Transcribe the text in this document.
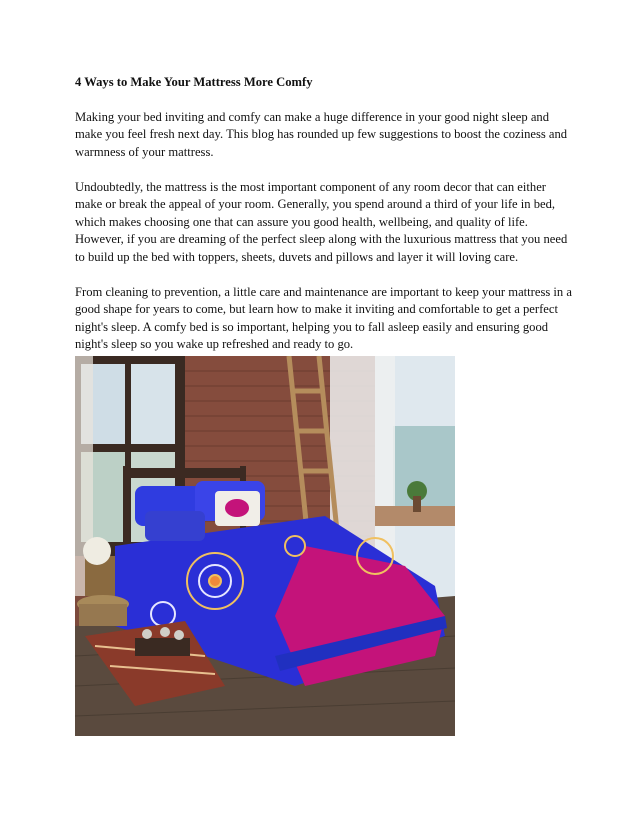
4 Ways to Make Your Mattress More Comfy

Making your bed inviting and comfy can make a huge difference in your good night sleep and make you feel fresh next day. This blog has rounded up few suggestions to boost the coziness and warmness of your mattress.

Undoubtedly, the mattress is the most important component of any room decor that can either make or break the appeal of your room. Generally, you spend around a third of your life in bed, which makes choosing one that can assure you good health, wellbeing, and quality of life. However, if you are dreaming of the perfect sleep along with the luxurious mattress that you need to build up the bed with toppers, sheets, duvets and pillows and layer it will loving care.

From cleaning to prevention, a little care and maintenance are important to keep your mattress in a good shape for years to come, but learn how to make it inviting and comfortable to get a perfect night's sleep. A comfy bed is so important, helping you to fall asleep easily and ensuring good night's sleep so you wake up refreshed and ready to go.
